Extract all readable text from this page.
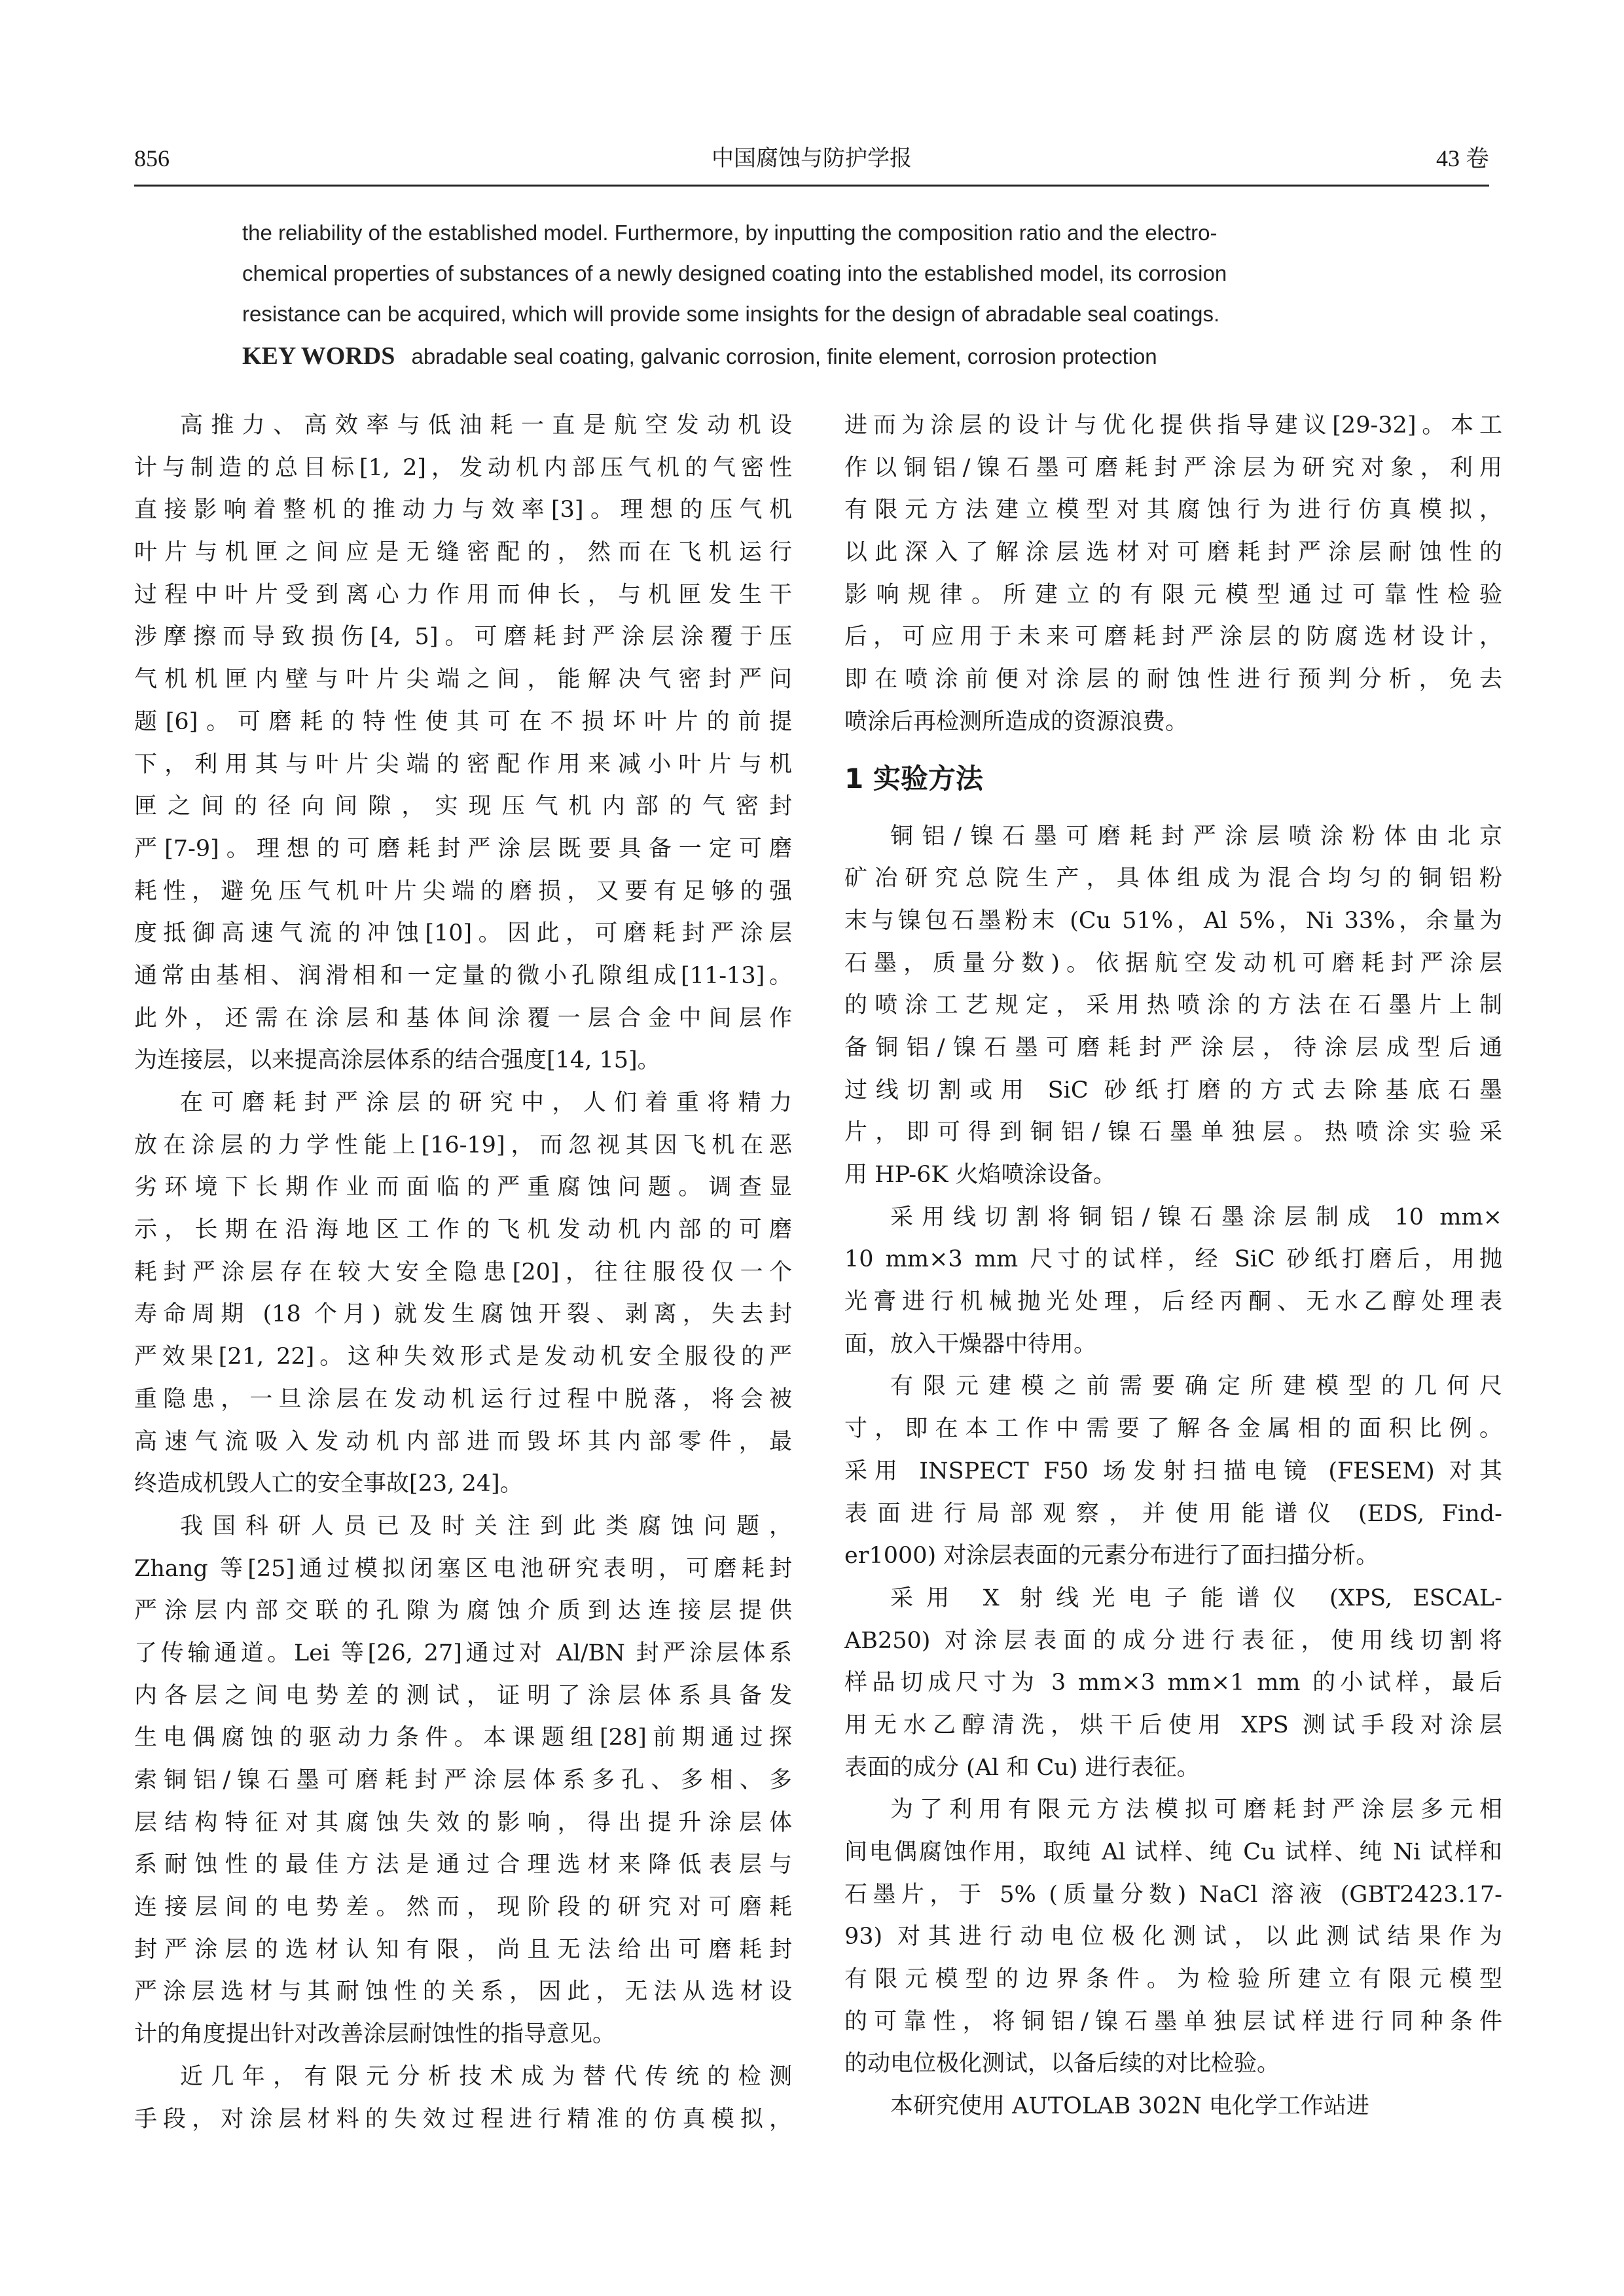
856	中国腐蚀与防护学报	43 卷
the reliability of the established model. Furthermore, by inputting the composition ratio and the electro-
chemical properties of substances of a newly designed coating into the established model, its corrosion
resistance can be acquired, which will provide some insights for the design of abradable seal coatings.
KEY WORDS abradable seal coating, galvanic corrosion, finite element, corrosion protection
高推力、高效率与低油耗一直是航空发动机设
计与制造的总目标[1, 2]，发动机内部压气机的气密性
直接影响着整机的推动力与效率[3]。理想的压气机
叶片与机匣之间应是无缝密配的，然而在飞机运行
过程中叶片受到离心力作用而伸长，与机匣发生干
涉摩擦而导致损伤[4, 5]。可磨耗封严涂层涂覆于压
气机机匣内壁与叶片尖端之间，能解决气密封严问
题[6]。可磨耗的特性使其可在不损坏叶片的前提
下，利用其与叶片尖端的密配作用来减小叶片与机
匣之间的径向间隙，实现压气机内部的气密封
严[7-9]。理想的可磨耗封严涂层既要具备一定可磨
耗性，避免压气机叶片尖端的磨损，又要有足够的强
度抵御高速气流的冲蚀[10]。因此，可磨耗封严涂层
通常由基相、润滑相和一定量的微小孔隙组成[11-13]。
此外，还需在涂层和基体间涂覆一层合金中间层作
为连接层，以来提高涂层体系的结合强度[14, 15]。
在可磨耗封严涂层的研究中，人们着重将精力
放在涂层的力学性能上[16-19]，而忽视其因飞机在恶
劣环境下长期作业而面临的严重腐蚀问题。调查显
示，长期在沿海地区工作的飞机发动机内部的可磨
耗封严涂层存在较大安全隐患[20]，往往服役仅一个
寿命周期 (18 个月) 就发生腐蚀开裂、剥离，失去封
严效果[21, 22]。这种失效形式是发动机安全服役的严
重隐患，一旦涂层在发动机运行过程中脱落，将会被
高速气流吸入发动机内部进而毁坏其内部零件，最
终造成机毁人亡的安全事故[23, 24]。
我国科研人员已及时关注到此类腐蚀问题，
Zhang 等[25]通过模拟闭塞区电池研究表明，可磨耗封
严涂层内部交联的孔隙为腐蚀介质到达连接层提供
了传输通道。Lei 等[26, 27]通过对 Al/BN 封严涂层体系
内各层之间电势差的测试，证明了涂层体系具备发
生电偶腐蚀的驱动力条件。本课题组[28]前期通过探
索铜铝/镍石墨可磨耗封严涂层体系多孔、多相、多
层结构特征对其腐蚀失效的影响，得出提升涂层体
系耐蚀性的最佳方法是通过合理选材来降低表层与
连接层间的电势差。然而，现阶段的研究对可磨耗
封严涂层的选材认知有限，尚且无法给出可磨耗封
严涂层选材与其耐蚀性的关系，因此，无法从选材设
计的角度提出针对改善涂层耐蚀性的指导意见。
近几年，有限元分析技术成为替代传统的检测
手段，对涂层材料的失效过程进行精准的仿真模拟，
进而为涂层的设计与优化提供指导建议[29-32]。本工
作以铜铝/镍石墨可磨耗封严涂层为研究对象，利用
有限元方法建立模型对其腐蚀行为进行仿真模拟，
以此深入了解涂层选材对可磨耗封严涂层耐蚀性的
影响规律。所建立的有限元模型通过可靠性检验
后，可应用于未来可磨耗封严涂层的防腐选材设计，
即在喷涂前便对涂层的耐蚀性进行预判分析，免去
喷涂后再检测所造成的资源浪费。
1 实验方法
铜铝/镍石墨可磨耗封严涂层喷涂粉体由北京
矿冶研究总院生产，具体组成为混合均匀的铜铝粉
末与镍包石墨粉末 (Cu 51%，Al 5%，Ni 33%，余量为
石墨，质量分数)。依据航空发动机可磨耗封严涂层
的喷涂工艺规定，采用热喷涂的方法在石墨片上制
备铜铝/镍石墨可磨耗封严涂层，待涂层成型后通
过线切割或用 SiC 砂纸打磨的方式去除基底石墨
片，即可得到铜铝/镍石墨单独层。热喷涂实验采
用 HP-6K 火焰喷涂设备。
采用线切割将铜铝/镍石墨涂层制成 10 mm×
10 mm×3 mm 尺寸的试样，经 SiC 砂纸打磨后，用抛
光膏进行机械抛光处理，后经丙酮、无水乙醇处理表
面，放入干燥器中待用。
有限元建模之前需要确定所建模型的几何尺
寸，即在本工作中需要了解各金属相的面积比例。
采用 INSPECT F50 场发射扫描电镜 (FESEM) 对其
表面进行局部观察，并使用能谱仪 (EDS, Find-
er1000) 对涂层表面的元素分布进行了面扫描分析。
采用 X 射线光电子能谱仪 (XPS, ESCAL-
AB250) 对涂层表面的成分进行表征，使用线切割将
样品切成尺寸为 3 mm×3 mm×1 mm 的小试样，最后
用无水乙醇清洗，烘干后使用 XPS 测试手段对涂层
表面的成分 (Al 和 Cu) 进行表征。
为了利用有限元方法模拟可磨耗封严涂层多元相
间电偶腐蚀作用，取纯 Al 试样、纯 Cu 试样、纯 Ni 试样和
石墨片，于 5% (质量分数) NaCl 溶液 (GBT2423.17-
93) 对其进行动电位极化测试，以此测试结果作为
有限元模型的边界条件。为检验所建立有限元模型
的可靠性，将铜铝/镍石墨单独层试样进行同种条件
的动电位极化测试，以备后续的对比检验。
本研究使用 AUTOLAB 302N 电化学工作站进
